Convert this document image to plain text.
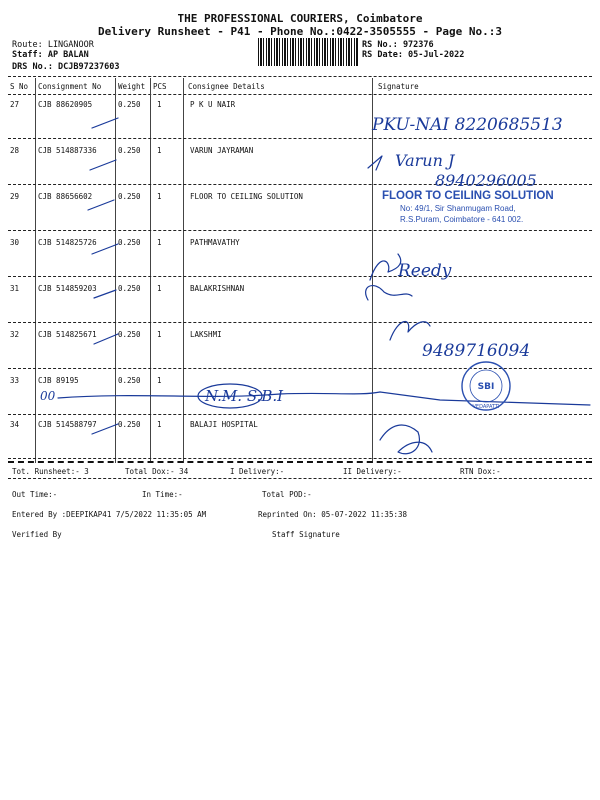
THE PROFESSIONAL COURIERS, Coimbatore
Delivery Runsheet - P41 - Phone No.:0422-3505555 - Page No.:3
Route: LINGANOOR
Staff: AP BALAN
DRS No.: DCJB97237603
RS No.: 972376
RS Date: 05-Jul-2022
S No Consignment No Weight PCS	Consignee Details	Signature
27	CJB 88620905	0.250 1	P K U NAIR
28	CJB 514887336	0.250 1	VARUN JAYRAMAN
29	CJB 88656602	0.250 1	FLOOR TO CEILING SOLUTION
30	CJB 514825726	0.250 1	PATHMAVATHY
31	CJB 514859203	0.250 1	BALAKRISHNAN
32	CJB 514825671	0.250 1	LAKSHMI
33	CJB 89195	0.250 1
34	CJB 514588797	0.250 1	BALAJI HOSPITAL
PKU-NAI 8220685513
Varun J
8940296005
Reedy
9489716094
00	N.M. S.B.I	SBI
VEDAPATTI
FLOOR TO CEILING SOLUTION
No: 49/1, Sir Shanmugam Road,
R.S.Puram, Coimbatore - 641 002.
Tot. Runsheet:- 3	Total Dox:- 34	I Delivery:-	II Delivery:-	RTN Dox:-
Out Time:-	In Time:-	Total POD:-
Entered By :DEEPIKAP41 7/5/2022 11:35:05 AM	Reprinted On: 05-07-2022 11:35:38
Verified By	Staff Signature
